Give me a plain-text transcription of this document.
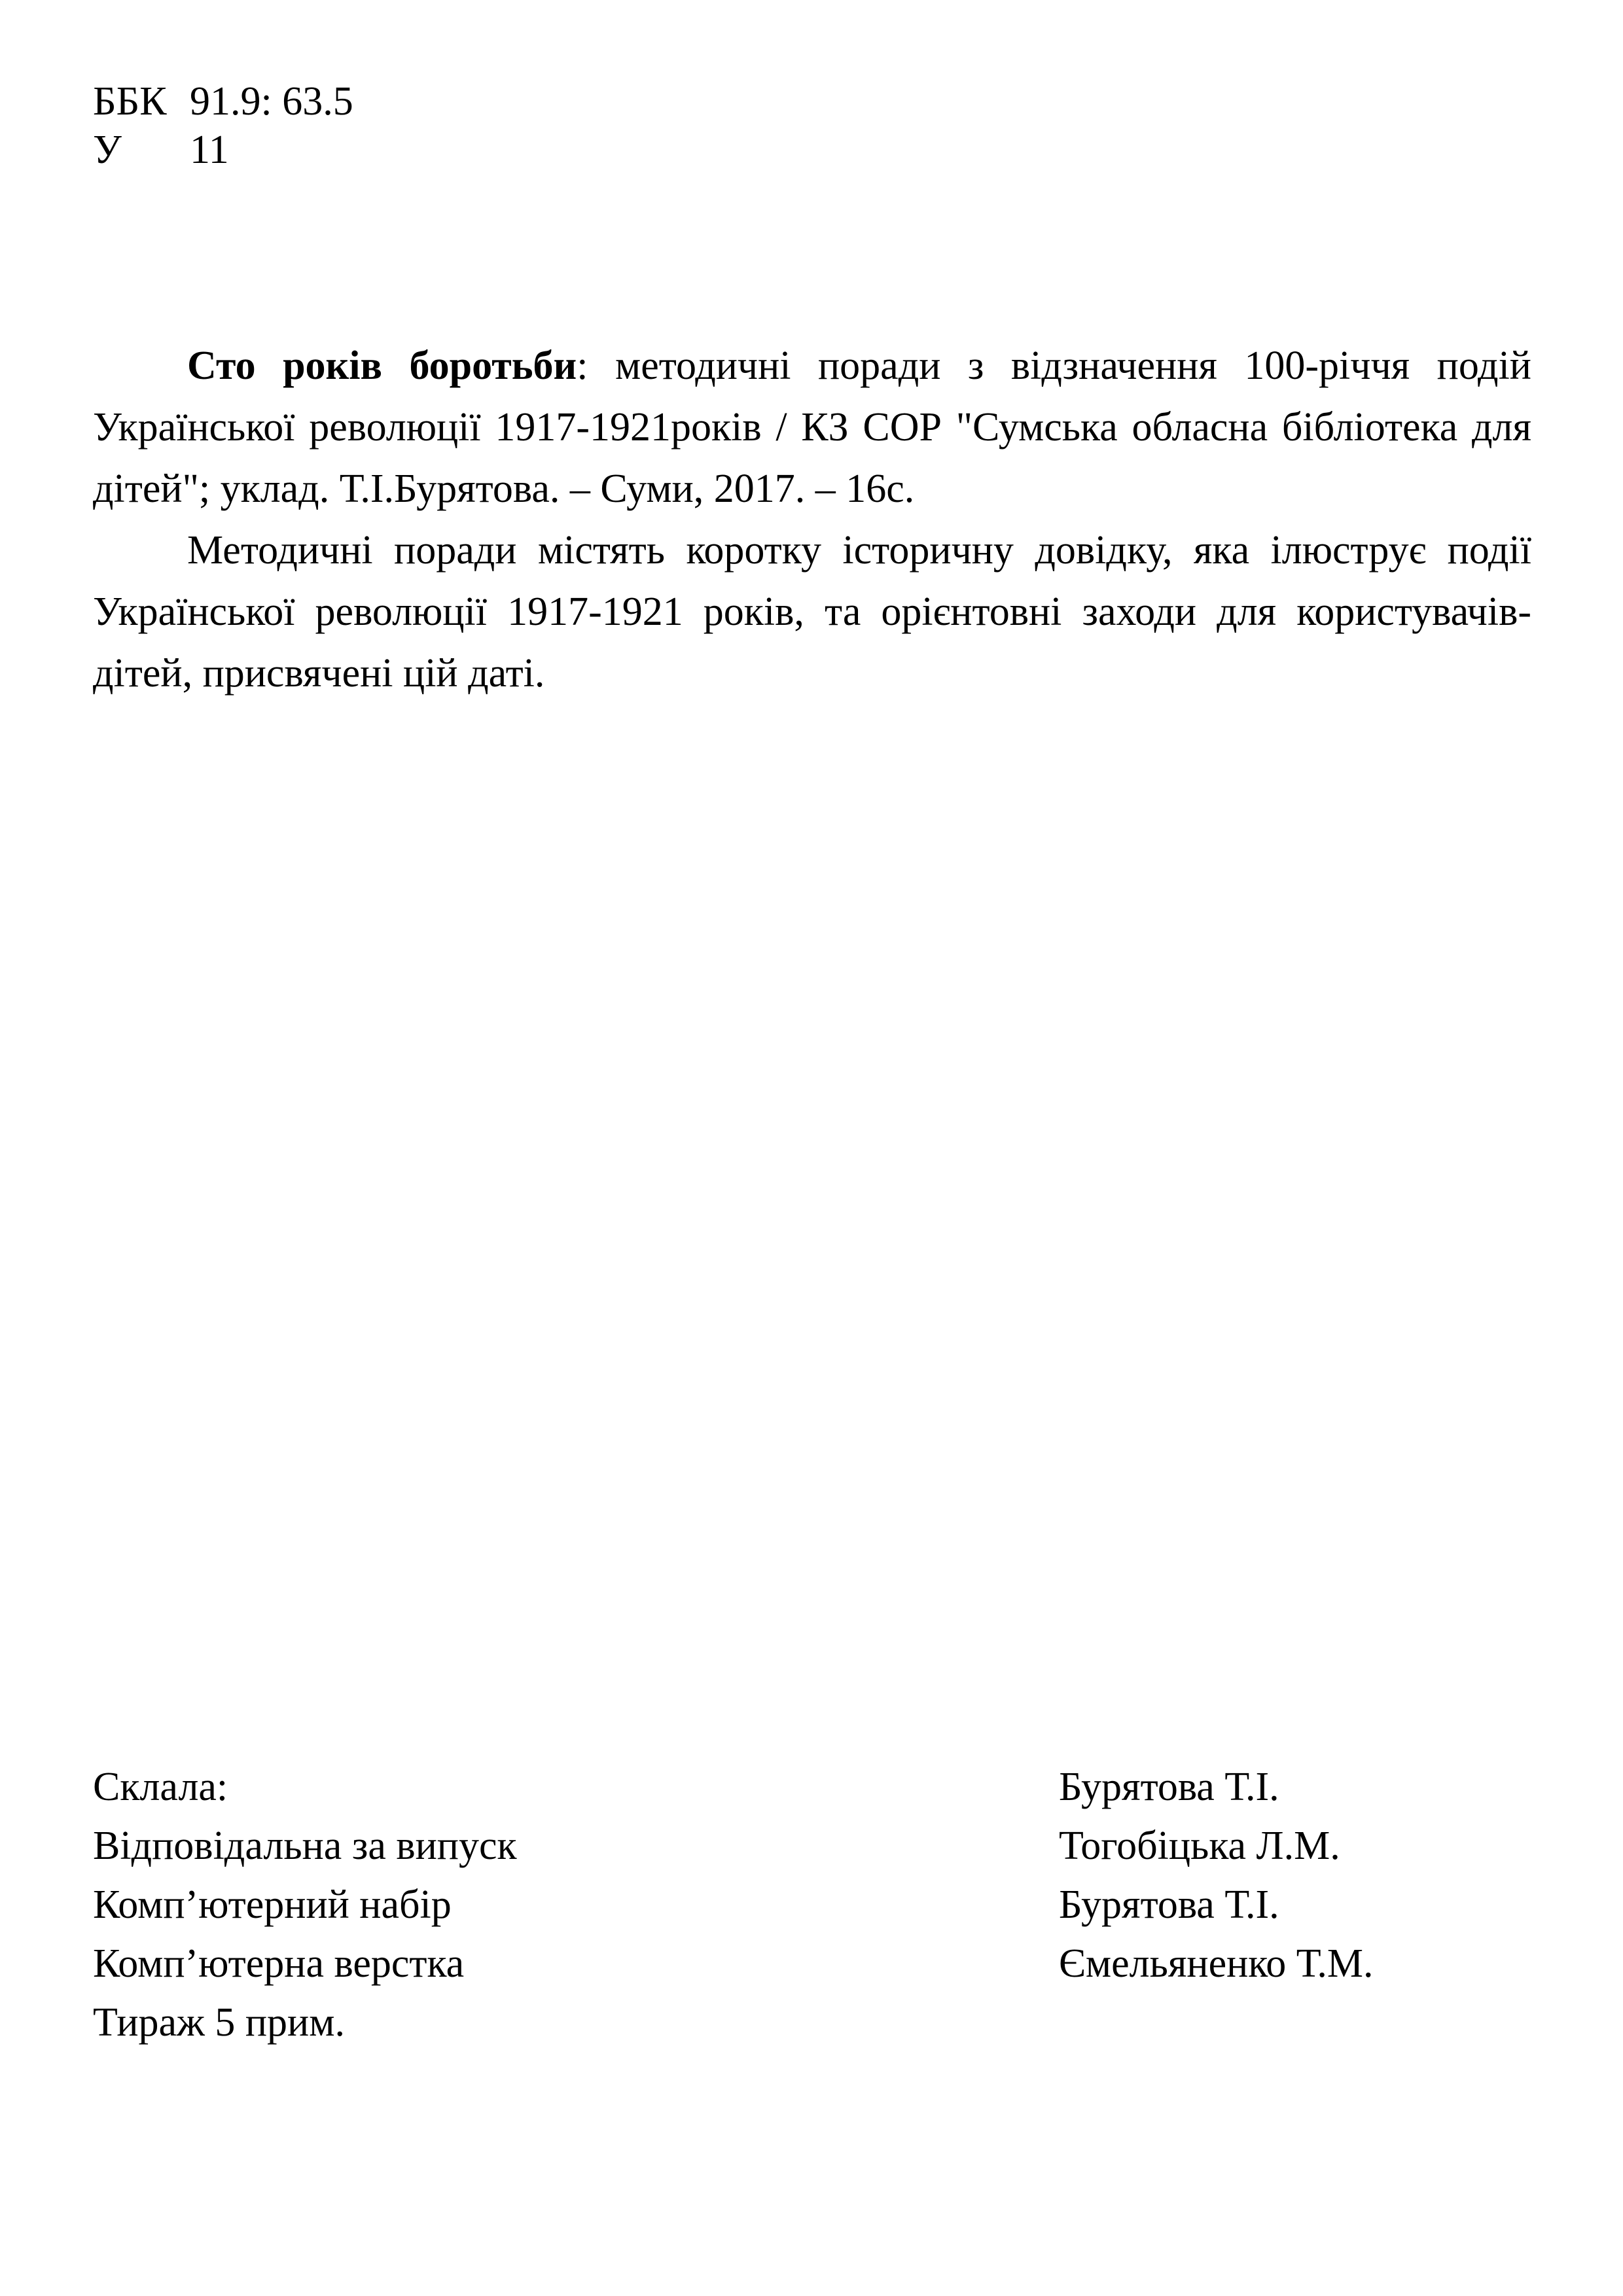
ББК 91.9: 63.5
У	11

Сто років боротьби: методичні поради з відзначення 100-річчя подій Української революції 1917-1921років / КЗ СОР "Сумська обласна бібліотека для дітей"; уклад. Т.І.Бурятова. – Суми, 2017. – 16с.

Методичні поради містять коротку історичну довідку, яка ілюструє події Української революції 1917-1921 років, та орієнтовні заходи для користувачів-дітей, присвячені цій даті.

Склала:	Бурятова Т.І.
Відповідальна за випуск	Тогобіцька Л.М.
Комп’ютерний набір	Бурятова Т.І.
Комп’ютерна верстка	Ємельяненко Т.М.
Тираж 5 прим.
